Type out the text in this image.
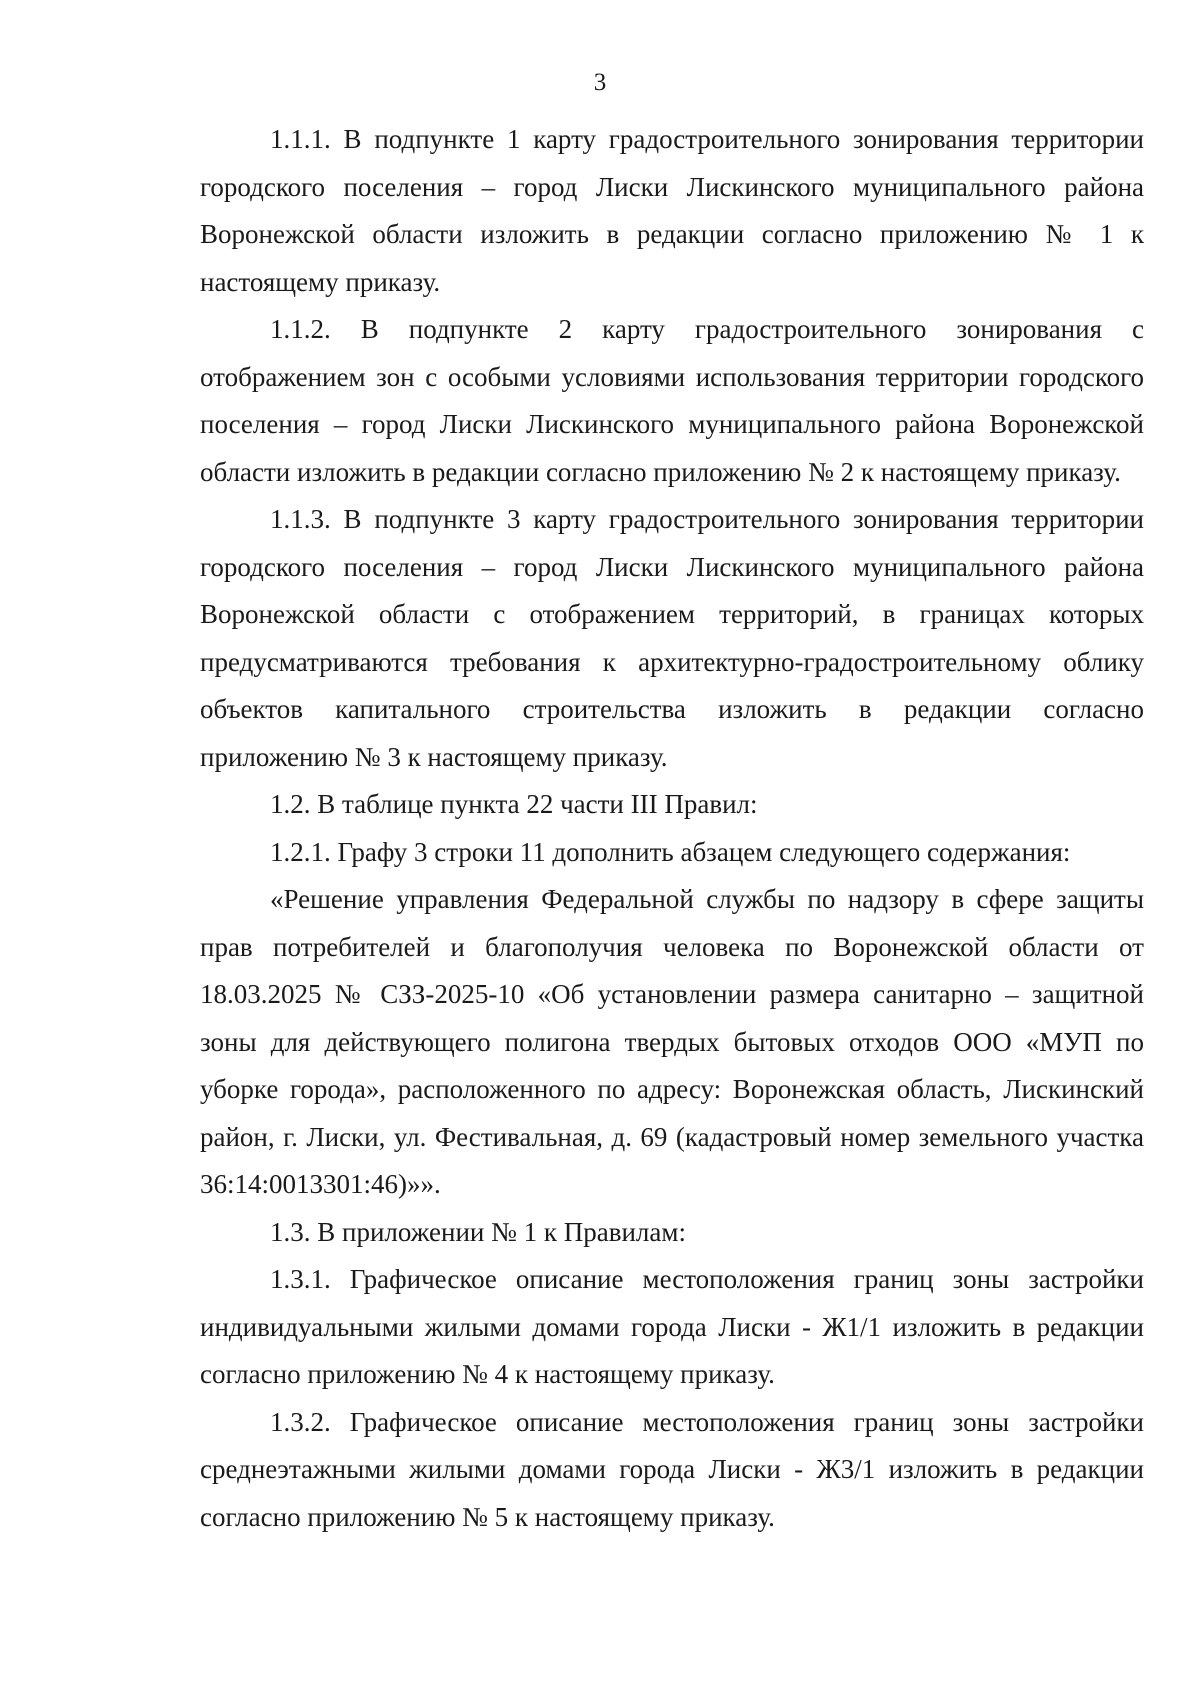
3

1.1.1. В подпункте 1 карту градостроительного зонирования территории городского поселения – город Лиски Лискинского муниципального района Воронежской области изложить в редакции согласно приложению № 1 к настоящему приказу.

1.1.2. В подпункте 2 карту градостроительного зонирования с отображением зон с особыми условиями использования территории городского поселения – город Лиски Лискинского муниципального района Воронежской области изложить в редакции согласно приложению № 2 к настоящему приказу.

1.1.3. В подпункте 3 карту градостроительного зонирования территории городского поселения – город Лиски Лискинского муниципального района Воронежской области с отображением территорий, в границах которых предусматриваются требования к архитектурно-градостроительному облику объектов капитального строительства изложить в редакции согласно приложению № 3 к настоящему приказу.

1.2. В таблице пункта 22 части III Правил:

1.2.1. Графу 3 строки 11 дополнить абзацем следующего содержания:

«Решение управления Федеральной службы по надзору в сфере защиты прав потребителей и благополучия человека по Воронежской области от 18.03.2025 № СЗЗ-2025-10 «Об установлении размера санитарно – защитной зоны для действующего полигона твердых бытовых отходов ООО «МУП по уборке города», расположенного по адресу: Воронежская область, Лискинский район, г. Лиски, ул. Фестивальная, д. 69 (кадастровый номер земельного участка 36:14:0013301:46)»».

1.3. В приложении № 1 к Правилам:

1.3.1. Графическое описание местоположения границ зоны застройки индивидуальными жилыми домами города Лиски - Ж1/1 изложить в редакции согласно приложению № 4 к настоящему приказу.

1.3.2. Графическое описание местоположения границ зоны застройки среднеэтажными жилыми домами города Лиски - Ж3/1 изложить в редакции согласно приложению № 5 к настоящему приказу.
